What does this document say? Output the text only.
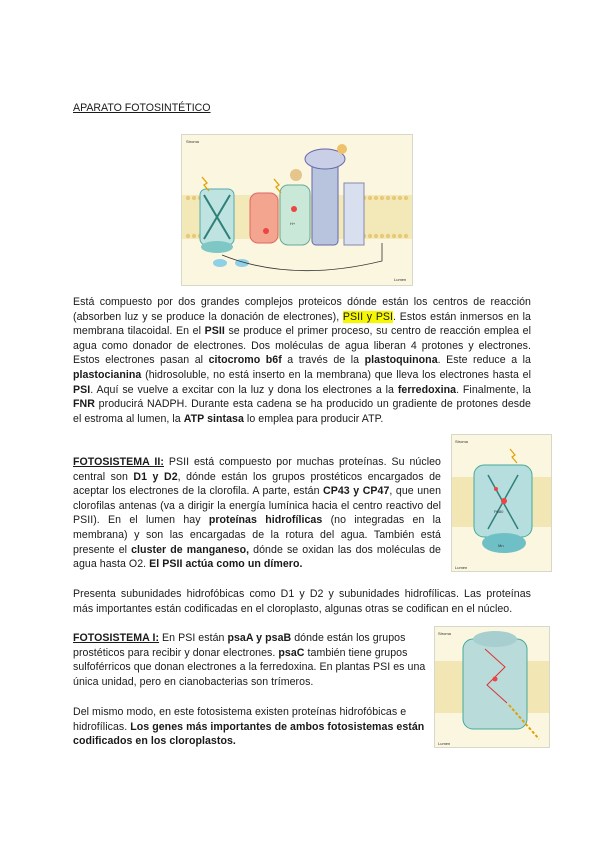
APARATO FOTOSINTÉTICO
Stroma
Lumen
H+
Está compuesto por dos grandes complejos proteicos dónde están los centros de reacción (absorben luz y se produce la donación de electrones), PSII y PSI. Estos están inmersos en la membrana tilacoidal. En el PSII se produce el primer proceso, su centro de reacción emplea el agua como donador de electrones. Dos moléculas de agua liberan 4 protones y electrones. Estos electrones pasan al citocromo b6f a través de la plastoquinona. Este reduce a la plastocianina (hidrosoluble, no está inserto en la membrana) que lleva los electrones hasta el PSI. Aquí se vuelve a excitar con la luz y dona los electrones a la ferredoxina. Finalmente, la FNR producirá NADPH. Durante esta cadena se ha producido un gradiente de protones desde el estroma al lumen, la ATP sintasa lo emplea para producir ATP.
Stroma
Lumen
P680
Mn
FOTOSISTEMA II: PSII está compuesto por muchas proteínas. Su núcleo central son D1 y D2, dónde están los grupos prostéticos encargados de aceptar los electrones de la clorofila. A parte, están CP43 y CP47, que unen clorofilas antenas (va a dirigir la energía lumínica hacia el centro reactivo del PSII). En el lumen hay proteínas hidrofílicas (no integradas en la membrana) y son las encargadas de la rotura del agua. También está presente el cluster de manganeso, dónde se oxidan las dos moléculas de agua hasta O2. El PSII actúa como un dímero.
Presenta subunidades hidrofóbicas como D1 y D2 y subunidades hidrofílicas. Las proteínas más importantes están codificadas en el cloroplasto, algunas otras se codifican en el núcleo.
Stroma
Lumen
FOTOSISTEMA I: En PSI están psaA y psaB dónde están los grupos prostéticos para recibir y donar electrones. psaC también tiene grupos sulfoférricos que donan electrones a la ferredoxina. En plantas PSI es una única unidad, pero en cianobacterias son trímeros.
Del mismo modo, en este fotosistema existen proteínas hidrofóbicas e hidrofílicas. Los genes más importantes de ambos fotosistemas están codificados en los cloroplastos.
